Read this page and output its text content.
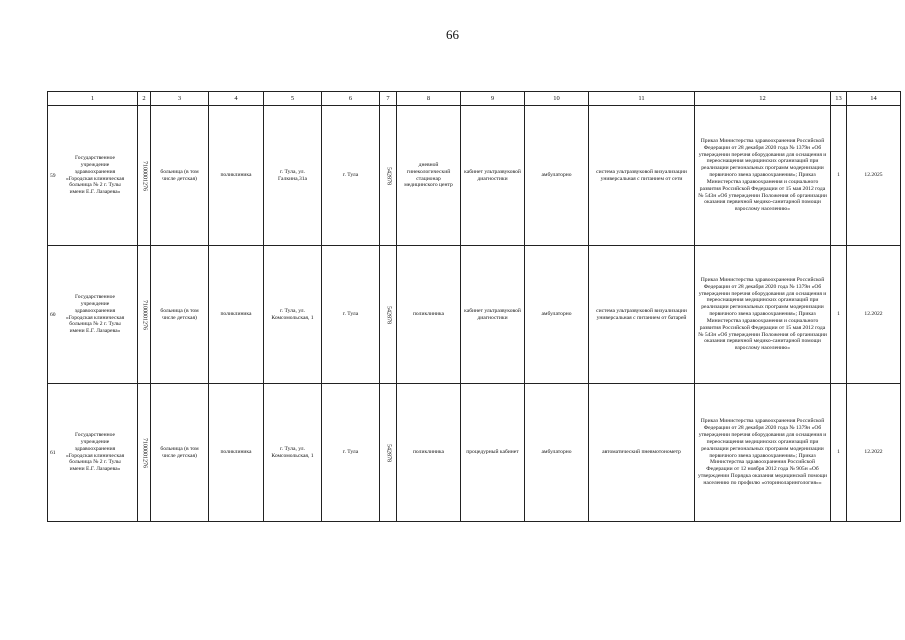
66
1	2	3	4	5	6	7	8	9	10	11	12	13	14
59Государственное учреждение здравоохранения «Городская клиническая больница № 2 г. Тулы имени Е.Г. Лазарева»	7100001276	больница (в том числе детская)	поликлиника	г. Тула, ул. Галкина,31а	г. Тула	542878	дневной гинекологический стационар медицинского центр	кабинет ультразвуковой диагностики	амбулаторно	система ультразвуковой визуализации универсальная с питанием от сети	Приказ Министерства здравоохранения Российской Федерации от 28 декабря 2020 года № 1379н «Об утверждении перечня оборудования для оснащения и переоснащения медицинских организаций при реализации региональных программ модернизации первичного звена здравоохранения»; Приказ Министерства здравоохранения и социального развития Российской Федерации от 15 мая 2012 года № 543н «Об утверждении Положения об организации оказания первичной медико-санитарной помощи взрослому населению»	1	12.2025
60Государственное учреждение здравоохранения «Городская клиническая больница № 2 г. Тулы имени Е.Г. Лазарева»	7100001276	больница (в том числе детская)	поликлиника	г. Тула, ул. Комсомольская, 1	г. Тула	542878	поликлиника	кабинет ультразвуковой диагностики	амбулаторно	система ультразвуковой визуализации универсальная с питанием от батарей	Приказ Министерства здравоохранения Российской Федерации от 28 декабря 2020 года № 1379н «Об утверждении перечня оборудования для оснащения и переоснащения медицинских организаций при реализации региональных программ модернизации первичного звена здравоохранения»; Приказ Министерства здравоохранения и социального развития Российской Федерации от 15 мая 2012 года № 543н «Об утверждении Положения об организации оказания первичной медико-санитарной помощи взрослому населению»	1	12.2022
61Государственное учреждение здравоохранения «Городская клиническая больница № 2 г. Тулы имени Е.Г. Лазарева»	7100001276	больница (в том числе детская)	поликлиника	г. Тула, ул. Комсомольская, 1	г. Тула	542878	поликлиника	процедурный кабинет	амбулаторно	автоматический пневмотонометр	Приказ Министерства здравоохранения Российской Федерации от 28 декабря 2020 года № 1379н «Об утверждении перечня оборудования для оснащения и переоснащения медицинских организаций при реализации региональных программ модернизации первичного звена здравоохранения»; Приказ Министерства здравоохранения Российской Федерации от 12 ноября 2012 года № 905н «Об утверждении Порядка оказания медицинской помощи населению по профилю «оториноларингология»»	1	12.2022
